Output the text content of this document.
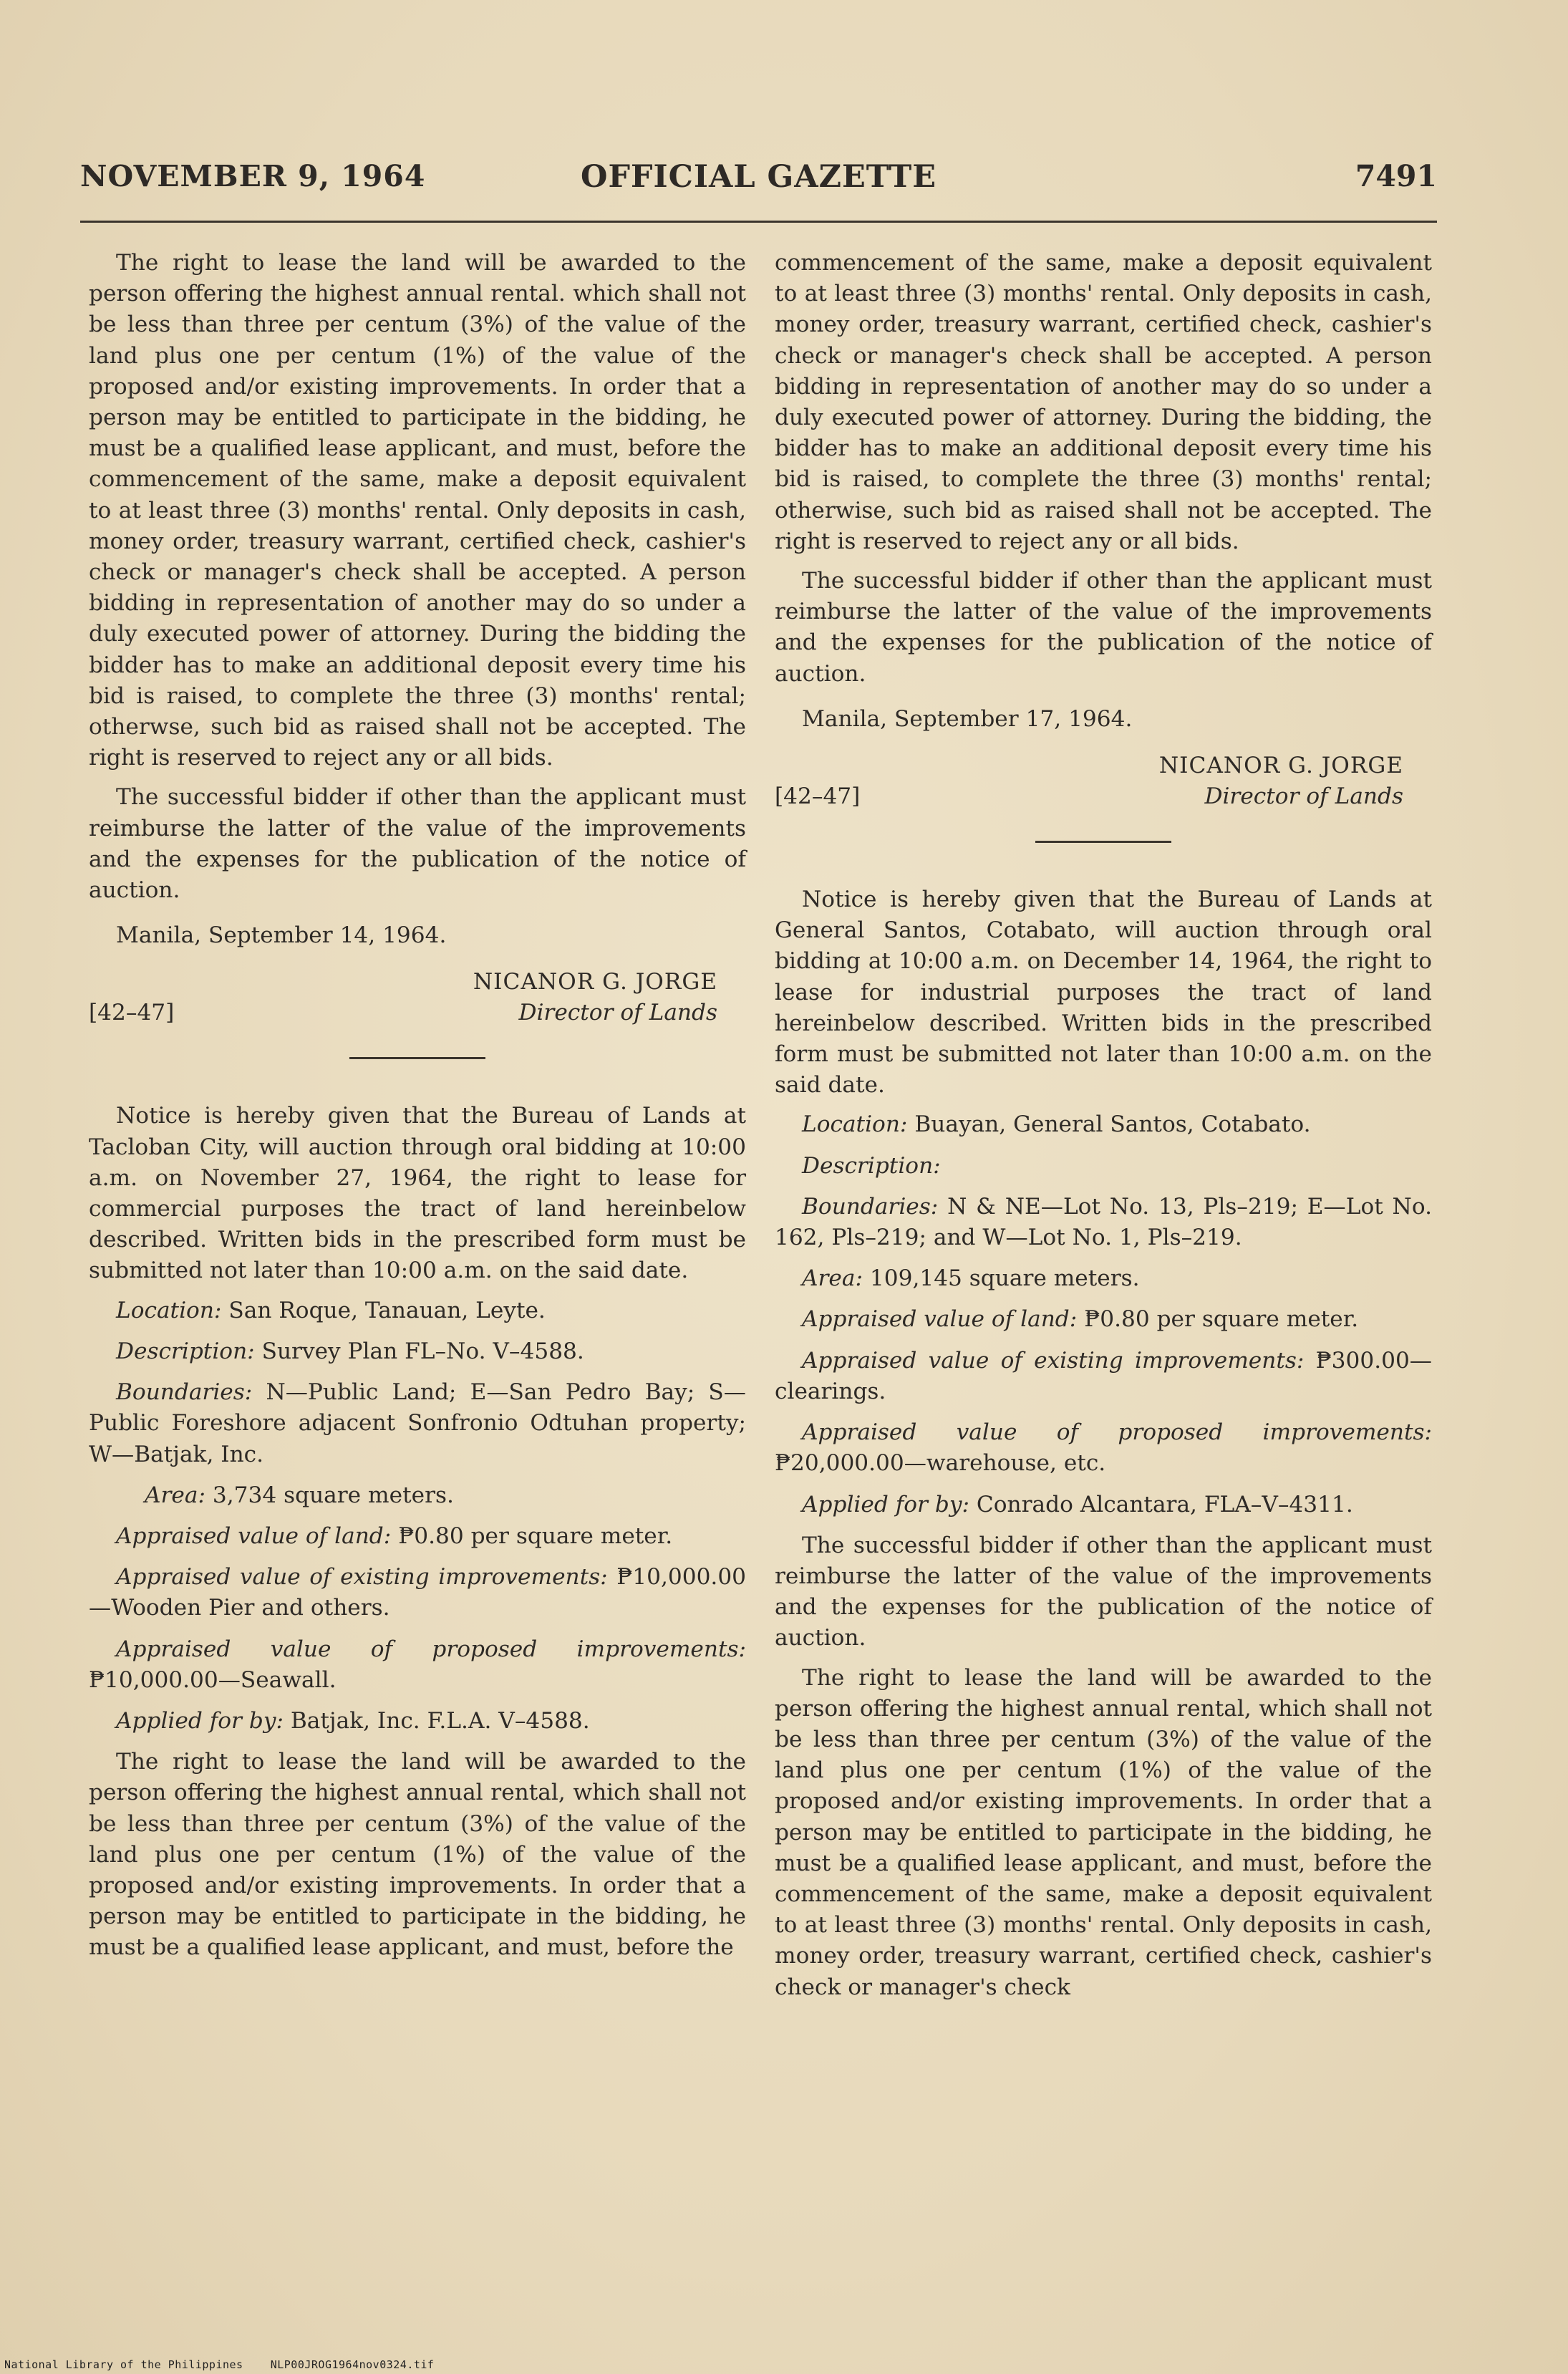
NOVEMBER 9, 1964	OFFICIAL GAZETTE	7491

The right to lease the land will be awarded to the person offering the highest annual rental. which shall not be less than three per centum (3%) of the value of the land plus one per centum (1%) of the value of the proposed and/or existing improvements. In order that a person may be entitled to participate in the bidding, he must be a qualified lease applicant, and must, before the commencement of the same, make a deposit equivalent to at least three (3) months' rental. Only deposits in cash, money order, treasury warrant, certified check, cashier's check or manager's check shall be accepted. A person bidding in representation of another may do so under a duly executed power of attorney. During the bidding the bidder has to make an additional deposit every time his bid is raised, to complete the three (3) months' rental; otherwse, such bid as raised shall not be accepted. The right is reserved to reject any or all bids.

The successful bidder if other than the applicant must reimburse the latter of the value of the improvements and the expenses for the publication of the notice of auction.

Manila, September 14, 1964.

NICANOR G. JORGE
Director of Lands
[42–47]

Notice is hereby given that the Bureau of Lands at Tacloban City, will auction through oral bidding at 10:00 a.m. on November 27, 1964, the right to lease for commercial purposes the tract of land hereinbelow described. Written bids in the prescribed form must be submitted not later than 10:00 a.m. on the said date.

Location: San Roque, Tanauan, Leyte.

Description: Survey Plan FL–No. V–4588.

Boundaries: N—Public Land; E—San Pedro Bay; S—Public Foreshore adjacent Sonfronio Odtuhan property; W—Batjak, Inc.

Area: 3,734 square meters.

Appraised value of land: ₱0.80 per square meter.

Appraised value of existing improvements: ₱10,000.00—Wooden Pier and others.

Appraised value of proposed improvements: ₱10,000.00—Seawall.

Applied for by: Batjak, Inc. F.L.A. V–4588.

The right to lease the land will be awarded to the person offering the highest annual rental, which shall not be less than three per centum (3%) of the value of the land plus one per centum (1%) of the value of the proposed and/or existing improvements. In order that a person may be entitled to participate in the bidding, he must be a qualified lease applicant, and must, before the

commencement of the same, make a deposit equivalent to at least three (3) months' rental. Only deposits in cash, money order, treasury warrant, certified check, cashier's check or manager's check shall be accepted. A person bidding in representation of another may do so under a duly executed power of attorney. During the bidding, the bidder has to make an additional deposit every time his bid is raised, to complete the three (3) months' rental; otherwise, such bid as raised shall not be accepted. The right is reserved to reject any or all bids.

The successful bidder if other than the applicant must reimburse the latter of the value of the improvements and the expenses for the publication of the notice of auction.

Manila, September 17, 1964.

NICANOR G. JORGE
Director of Lands
[42–47]

Notice is hereby given that the Bureau of Lands at General Santos, Cotabato, will auction through oral bidding at 10:00 a.m. on December 14, 1964, the right to lease for industrial purposes the tract of land hereinbelow described. Written bids in the prescribed form must be submitted not later than 10:00 a.m. on the said date.

Location: Buayan, General Santos, Cotabato.

Description:

Boundaries: N & NE—Lot No. 13, Pls–219; E—Lot No. 162, Pls–219; and W—Lot No. 1, Pls–219.

Area: 109,145 square meters.

Appraised value of land: ₱0.80 per square meter.

Appraised value of existing improvements: ₱300.00—clearings.

Appraised value of proposed improvements: ₱20,000.00—warehouse, etc.

Applied for by: Conrado Alcantara, FLA–V–4311.

The successful bidder if other than the applicant must reimburse the latter of the value of the improvements and the expenses for the publication of the notice of auction.

The right to lease the land will be awarded to the person offering the highest annual rental, which shall not be less than three per centum (3%) of the value of the land plus one per centum (1%) of the value of the proposed and/or existing improvements. In order that a person may be entitled to participate in the bidding, he must be a qualified lease applicant, and must, before the commencement of the same, make a deposit equivalent to at least three (3) months' rental. Only deposits in cash, money order, treasury warrant, certified check, cashier's check or manager's check

National Library of the Philippines	NLP00JROG1964nov0324.tif
